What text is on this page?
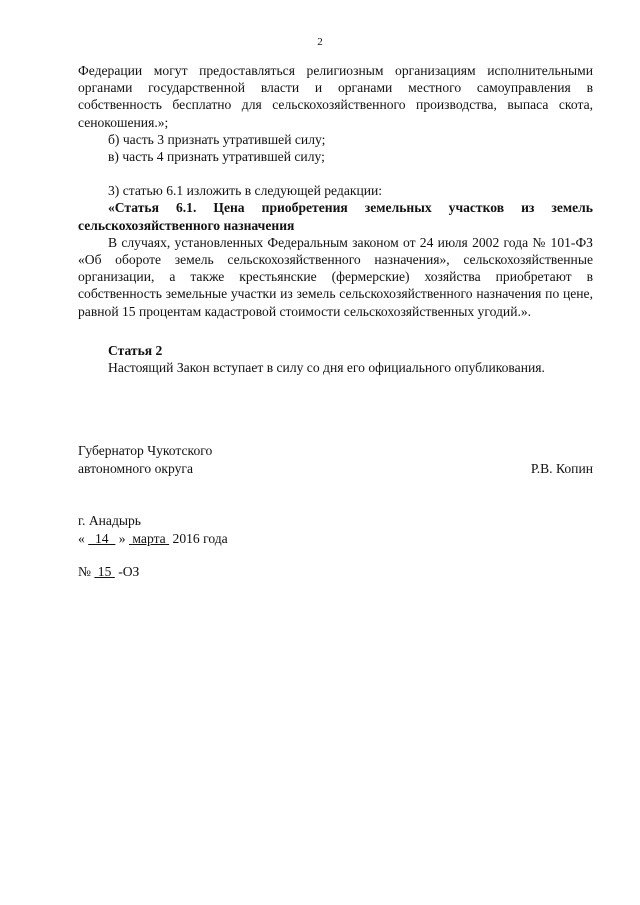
2

Федерации могут предоставляться религиозным организациям исполнительными органами государственной власти и органами местного самоуправления в собственность бесплатно для сельскохозяйственного производства, выпаса скота, сенокошения.»;

б) часть 3 признать утратившей силу;

в) часть 4 признать утратившей силу;

3) статью 6.1 изложить в следующей редакции:

«Статья 6.1. Цена приобретения земельных участков из земель сельскохозяйственного назначения

В случаях, установленных Федеральным законом от 24 июля 2002 года № 101-ФЗ «Об обороте земель сельскохозяйственного назначения», сельскохозяйственные организации, а также крестьянские (фермерские) хозяйства приобретают в собственность земельные участки из земель сельскохозяйственного назначения по цене, равной 15 процентам кадастровой стоимости сельскохозяйственных угодий.».

Статья 2

Настоящий Закон вступает в силу со дня его официального опубликования.

Губернатор Чукотского
автономного округа	Р.В. Копин
г. Анадырь
« 14 » марта 2016 года
№ 15 -ОЗ
